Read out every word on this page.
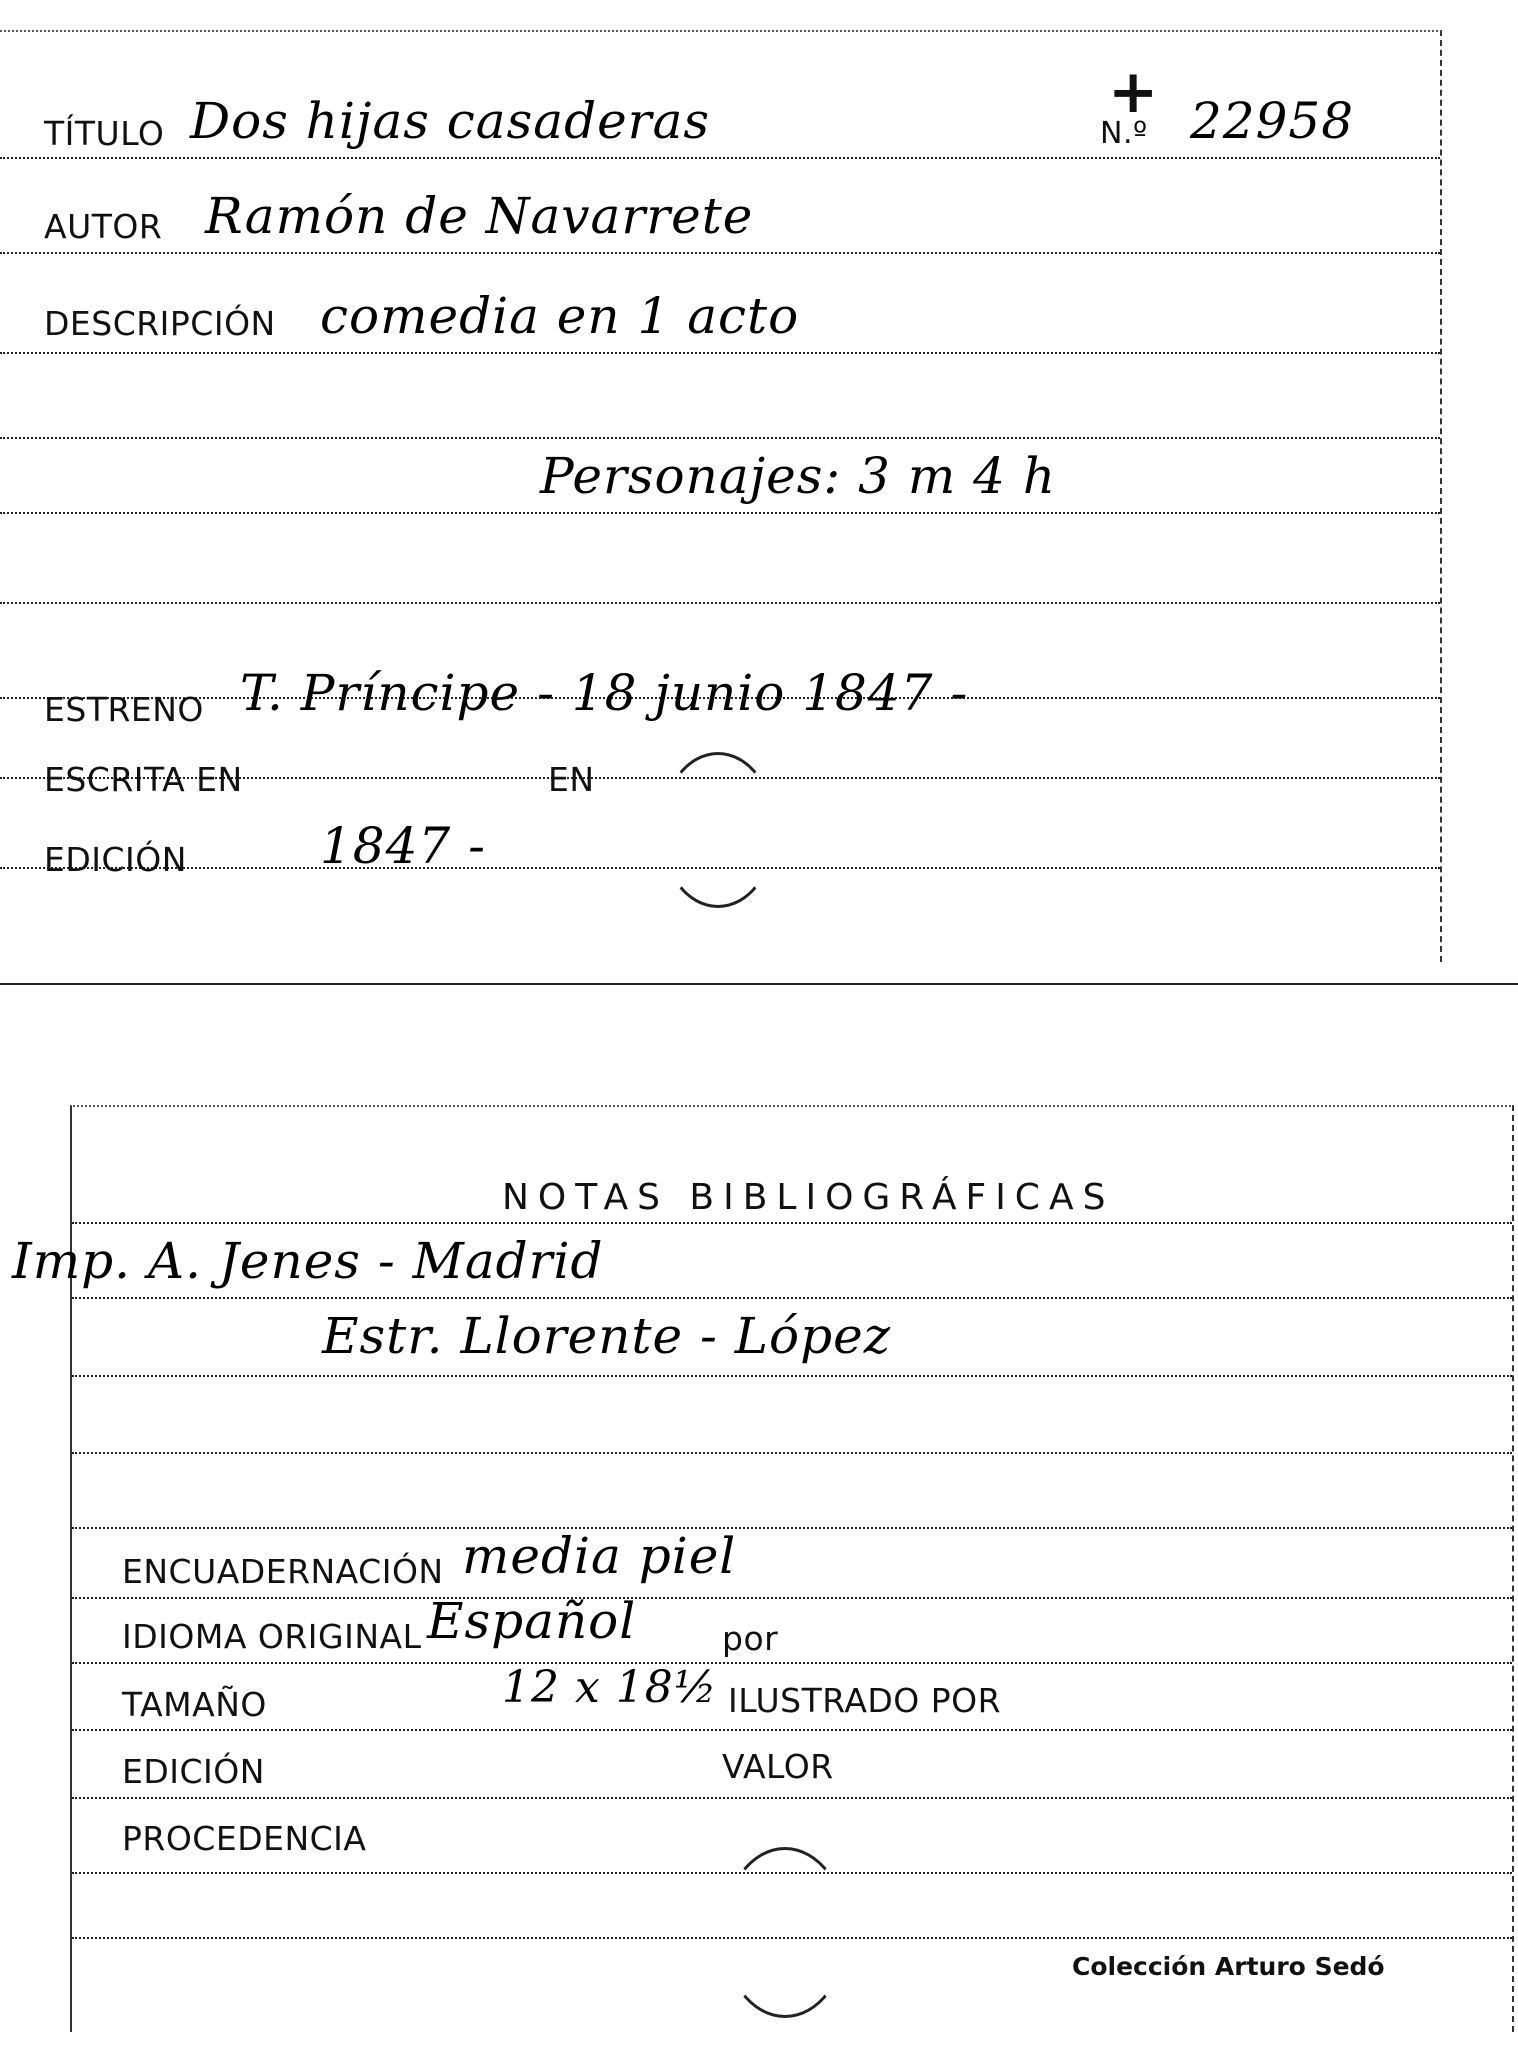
TÍTULO Dos hijas casaderas	+
N.º 22958
AUTOR Ramón de Navarrete
DESCRIPCIÓN comedia en 1 acto
Personajes: 3 m 4 h
ESTRENO T. Príncipe - 18 junio 1847 -
ESCRITA EN	EN
EDICIÓN	1847 -
NOTAS BIBLIOGRÁFICAS
Imp. A. Jenes - Madrid
Estr. Llorente - López
ENCUADERNACIÓN media piel
IDIOMA ORIGINAL Español	por
TAMAÑO	12 x 18½ ILUSTRADO POR
EDICIÓN	VALOR
PROCEDENCIA
Colección Arturo Sedó
